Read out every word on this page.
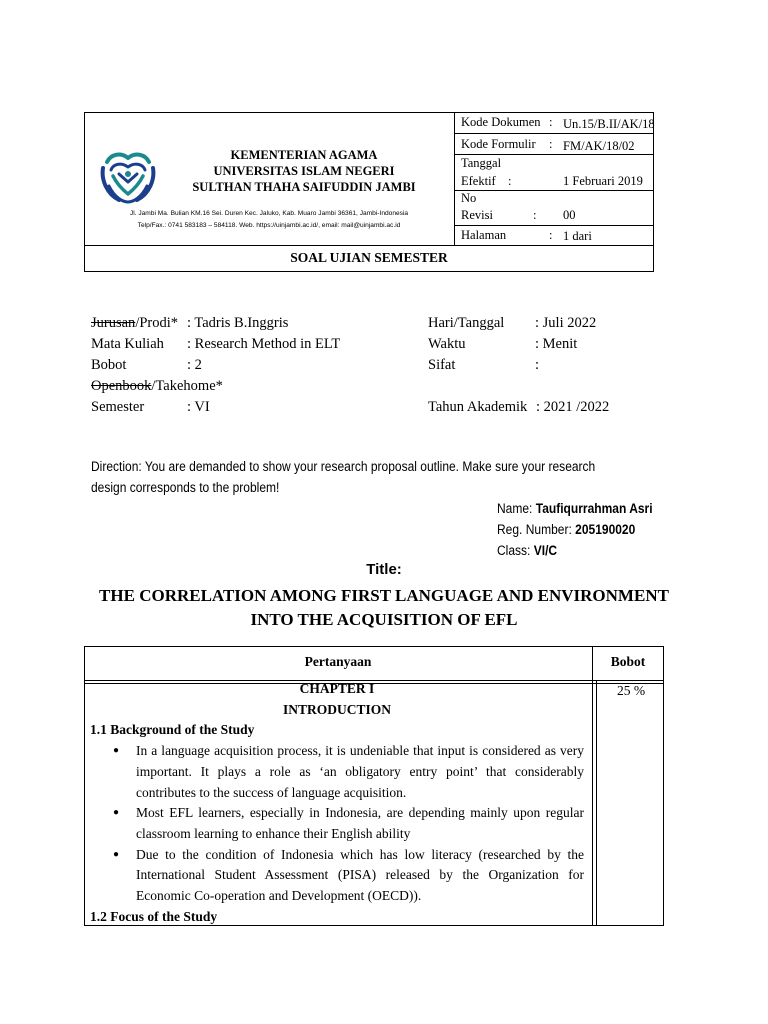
KEMENTERIAN AGAMA
UNIVERSITAS ISLAM NEGERI
SULTHAN THAHA SAIFUDDIN JAMBI
Jl. Jambi Ma. Bulian KM.16 Sei. Duren Kec. Jaluko, Kab. Muaro Jambi 36361, Jambi-Indonesia
Telp/Fax.: 0741 583183 – 584118. Web. https://uinjambi.ac.id/, email: mail@uinjambi.ac.id
Kode Dokumen : Un.15/B.II/AK/18
Kode Formulir : FM/AK/18/02
Tanggal
Efektif :	1 Februari 2019
No
Revisi	: 00
Halaman	: 1 dari
SOAL UJIAN SEMESTER
Jurusan/Prodi* : Tadris B.Inggris
Mata Kuliah : Research Method in ELT
Bobot	: 2
Openbook/Takehome*
Semester	: VI
Hari/Tanggal : Juli 2022
Waktu	: Menit
Sifat	:
Tahun Akademik : 2021 /2022
Direction: You are demanded to show your research proposal outline. Make sure your research design corresponds to the problem!
Name: Taufiqurrahman Asri
Reg. Number: 205190020
Class: VI/C
Title:
THE CORRELATION AMONG FIRST LANGUAGE AND ENVIRONMENT INTO THE ACQUISITION OF EFL
Pertanyaan	Bobot
CHAPTER I
INTRODUCTION
1.1 Background of the Study
● In a language acquisition process, it is undeniable that input is considered as very important. It plays a role as ‘an obligatory entry point’ that considerably contributes to the success of language acquisition.
● Most EFL learners, especially in Indonesia, are depending mainly upon regular classroom learning to enhance their English ability
● Due to the condition of Indonesia which has low literacy (researched by the International Student Assessment (PISA) released by the Organization for Economic Co-operation and Development (OECD)).
1.2 Focus of the Study
25 %
